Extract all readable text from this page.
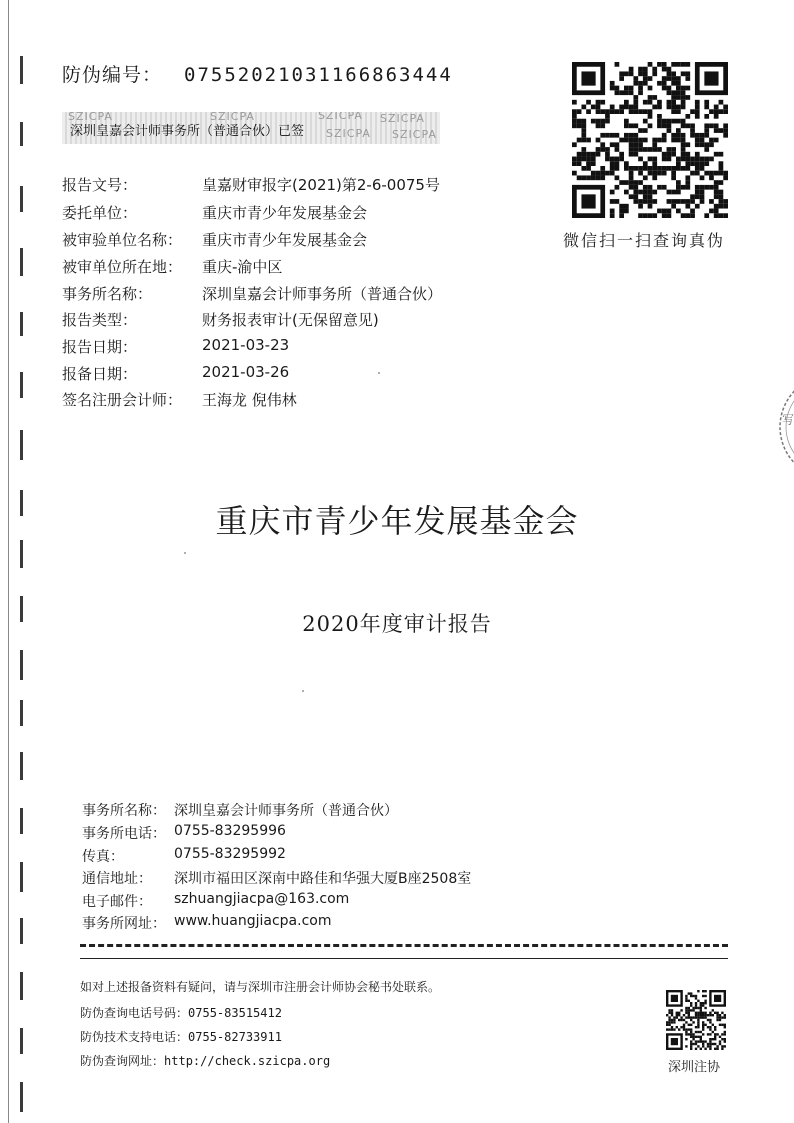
防伪编号： 07552021031166863444
SZICPA	SZICPA	SZICPA SZICPA
SZICPA SZICPA
深圳皇嘉会计师事务所（普通合伙）已签
微信扫一扫查询真伪
报告文号：	皇嘉财审报字(2021)第2-6-0075号
委托单位：	重庆市青少年发展基金会
被审验单位名称： 重庆市青少年发展基金会
被审单位所在地： 重庆-渝中区
事务所名称：	深圳皇嘉会计师事务所（普通合伙）
报告类型：	财务报表审计(无保留意见)
报告日期：	2021-03-23
报备日期：	2021-03-26
签名注册会计师： 王海龙 倪伟林
写
重庆市青少年发展基金会
2020年度审计报告
事务所名称： 深圳皇嘉会计师事务所（普通合伙）
事务所电话： 0755-83295996
传真：	0755-83295992
通信地址： 深圳市福田区深南中路佳和华强大厦B座2508室
电子邮件： szhuangjiacpa@163.com
事务所网址： www.huangjiacpa.com
如对上述报备资料有疑问，请与深圳市注册会计师协会秘书处联系。
防伪查询电话号码：0755-83515412
防伪技术支持电话：0755-82733911
防伪查询网址：http://check.szicpa.org	深圳注协
